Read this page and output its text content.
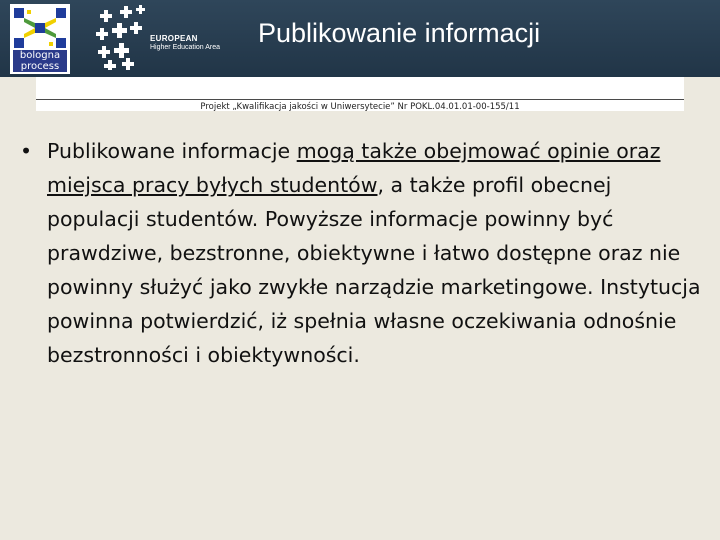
bologna
process
EUROPEAN
Higher Education Area Publikowanie informacji
Projekt „Kwalifikacja jakości w Uniwersytecie” Nr POKL.04.01.01-00-155/11
• Publikowane informacje mogą także obejmować opinie oraz miejsca pracy byłych studentów, a także profil obecnej populacji studentów. Powyższe informacje powinny być prawdziwe, bezstronne, obiektywne i łatwo dostępne oraz nie powinny służyć jako zwykłe narządzie marketingowe. Instytucja powinna potwierdzić, iż spełnia własne oczekiwania odnośnie bezstronności i obiektywności.
